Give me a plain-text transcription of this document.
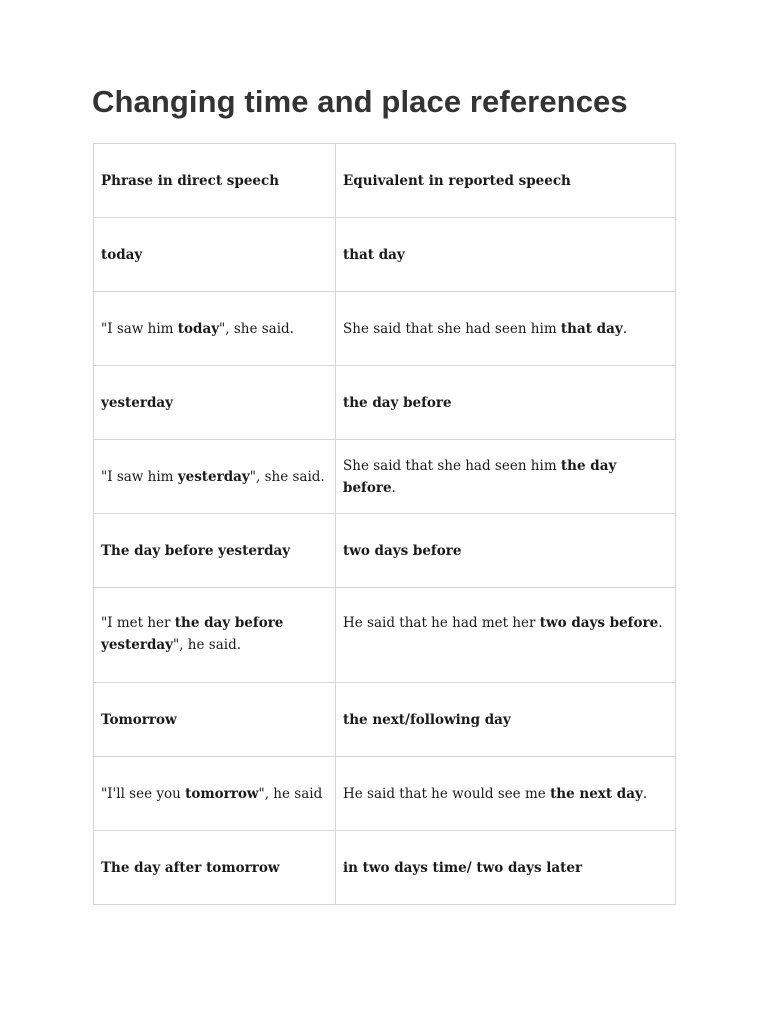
Changing time and place references
Phrase in direct speech	Equivalent in reported speech
today	that day
"I saw him today", she said.	She said that she had seen him that day.
yesterday	the day before
"I saw him yesterday", she said.	She said that she had seen him the day before.
The day before yesterday	two days before
"I met her the day before yesterday", he said.	He said that he had met her two days before.
Tomorrow	the next/following day
"I'll see you tomorrow", he said	He said that he would see me the next day.
The day after tomorrow	in two days time/ two days later
